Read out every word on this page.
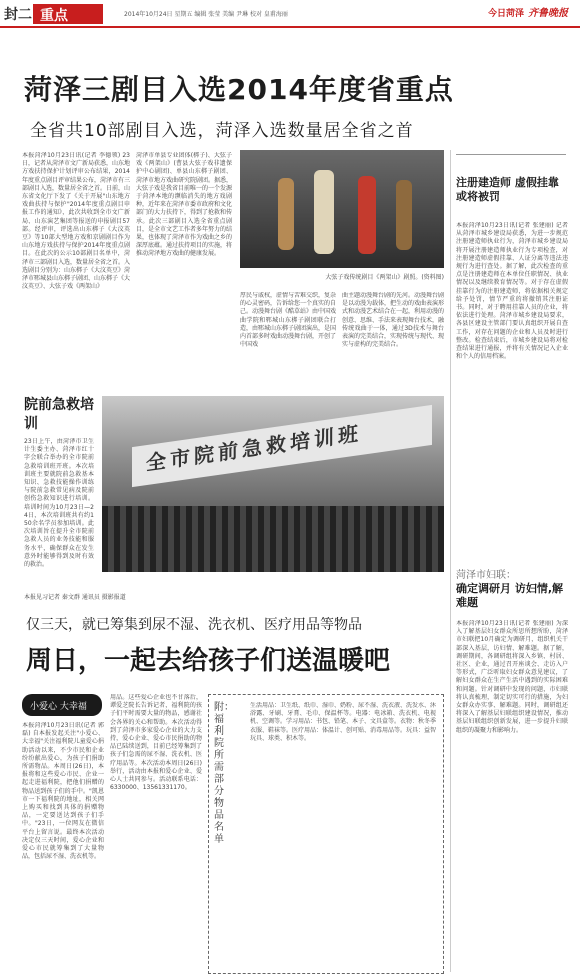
封二 重点	2014年10月24日 星期五 编辑 张莹 美编 尹琳 校对 皇甫海丽	今日菏泽 齐鲁晚报
菏泽三剧目入选2014年度省重点
全省共10部剧目入选，菏泽入选数量居全省之首
本报菏泽10月23日讯(记者 李德领) 23日，记者从菏泽市文广新局获悉，山东地方戏扶持保护计划评审公布结果，2014年度重点剧目评审结果公布，菏泽市有三部剧目入选，数量居全省之首。日前，山东省文化厅下发了《关于开展"山东地方戏曲扶持与保护"2014年度重点剧目申报工作的通知》，此次共收到全市文广新局、山东演艺集团等报送的申报剧目57部。经评审，评选出山东梆子《大汶英豆》等10部大型地方戏和京剧剧目作为山东地方戏扶持与保护2014年度重点剧目。在此次的公示10部剧目名单中，菏泽市三部剧目入选，数量居全省之首。入选剧目分别为：山东梆子《大汶英豆》菏泽市郓城县山东梆子剧团、山东梆子《大汶英豆》、大弦子戏《两架山》
菏泽市单县专业团体(梆子)、大弦子戏《两架山》(曹县大弦子戏非遗保护中心剧团)、单县山东梆子剧团、菏泽市地方戏曲研究院剧团。据悉，大弦子戏是我省目前唯一的一个发源于菏泽本地的濒临消失的地方戏剧种，近年来在菏泽市委市政府和文化部门的大力扶持下，得到了抢救和传承。此次三部剧目入选全省重点剧目，是全市文艺工作者多年努力的结果，也体现了菏泽市作为戏曲之乡的深厚底蕴。通过扶持项目的实施，将推动菏泽地方戏曲的健康发展。
大弦子戏传统剧目《两架山》剧照。(资料图)
厚民与戚权，虚情与苦难交织，复杂的心灵密码，告诉给您一个真实的自己。动漫舞台剧《酷草站》由中国戏曲学院和郓城山东梆子剧团联合打造，由郓城山东梆子剧团演出，是国内首部多时戏曲动漫舞台剧，开创了中国戏
曲主题动漫舞台剧的先河。动漫舞台剧是以动漫为载体，把生动的戏曲表演形式和动漫艺术结合在一起，利用动漫的创意、思维、手法来表现舞台技术，融传统戏曲于一体，通过3D技术与舞台表演的完美结合，实现传统与现代、现实与虚构的完美结合。
注册建造师 虚假挂靠或将被罚
本报菏泽10月23日讯(记者 张建丽) 记者从菏泽市城乡建设局获悉，为进一步规范注册建造师执业行为，菏泽市城乡建设局将开展注册建造师执业行为专项检查，对注册建造师虚假挂靠、人证分离等违法违规行为进行查处。据了解，此次检查的重点是注册建造师在本单位任职情况、执业情况以及继续教育情况等。对于存在虚假挂靠行为的注册建造师，将依据相关规定给予处罚，情节严重的将撤销其注册证书。同时，对于聘用挂靠人员的企业，将依法进行处理。菏泽市城乡建设局要求，各县区建设主管部门要认真组织开展自查工作，对存在问题的企业和人员及时进行整改。检查结束后，市城乡建设局将对检查结果进行通报，并将有关情况记入企业和个人的信用档案。
菏泽市妇联：
确定调研月 访妇情,解难题
本报菏泽10月23日讯(记者 张建丽) 为深入了解基层妇女群众所思所想所盼，菏泽市妇联把10月确定为调研月，组织机关干部深入基层，访妇情、解难题。据了解，调研期间，各调研组将深入乡镇、村居、社区、企业，通过召开座谈会、走访入户等形式，广泛听取妇女群众意见建议，了解妇女群众在生产生活中遇到的实际困难和问题。针对调研中发现的问题，市妇联将认真梳理，制定切实可行的措施，为妇女群众办实事、解难题。同时，调研组还将深入了解基层妇联组织建设情况，推动基层妇联组织创新发展，进一步提升妇联组织的凝聚力和影响力。
院前急救培训
23日上午，由菏泽市卫生计生委主办、菏泽市红十字会联合举办的全市院前急救培训班开班。本次培训班主要就院前急救基本知识、急救技能操作训练与院前急救常见病及院前创伤急救知识进行培训。培训时间为10月23日—24日，本次培训班共有约150余名学员参加培训。此次培训旨在提升全市院前急救人员的业务技能和服务水平，确保群众在发生意外时能够得到及时有效的救治。
本报见习记者 秦文群 通讯员 摄影报道
全市院前急救培训班
仅三天，就已筹集到尿不湿、洗衣机、医疗用品等物品
周日，一起去给孩子们送温暖吧
小爱心 大幸福
本报菏泽10月23日讯(记者 郭磊) 自本报发起关注"小爱心、大幸福"关注福利院儿童爱心捐助活动以来，不少市民和企业纷纷献出爱心，为孩子们捐助所需物品。本周日(26日)，本报将和这些爱心市民、企业一起走进福利院，把他们捐赠的物品送到孩子们的手中。"凯恩市一下福利院的地址，相关网上购买和找到具体的捐赠物品，一定要送达到孩子们手中。"23日，一位网友在微信平台上留言说。最终本次活动决定仅三天时间，爱心企业和爱心市民就筹集到了大量物品，包括尿不湿、洗衣机等。
用品。这些爱心企业也不甘落后，谭爱芝院长告诉记者，福利院的孩子们平时需要大量的物品，感谢社会各界的关心和帮助。本次活动得到了菏泽市多家爱心企业的大力支持，爱心企业、爱心市民捐助的物品已陆续送到，目前已经筹集到了孩子们急需的尿不湿、洗衣机、医疗用品等。本次活动本周日(26日)举行，活动由本报和爱心企业、爱心人士共同参与。活动联系电话：6330000、13561331170。
附：福利院所需部分物品名单
生活用品：卫生纸、纸巾、湿巾、奶粉、尿不湿、洗衣液、洗发水、沐浴露、牙刷、牙膏、毛巾、保温杯等。电器：电冰箱、洗衣机、电视机、空调等。学习用品：书包、铅笔、本子、文具盒等。衣物：秋冬季衣服、鞋袜等。医疗用品：体温计、创可贴、消毒用品等。玩具：益智玩具、球类、积木等。
